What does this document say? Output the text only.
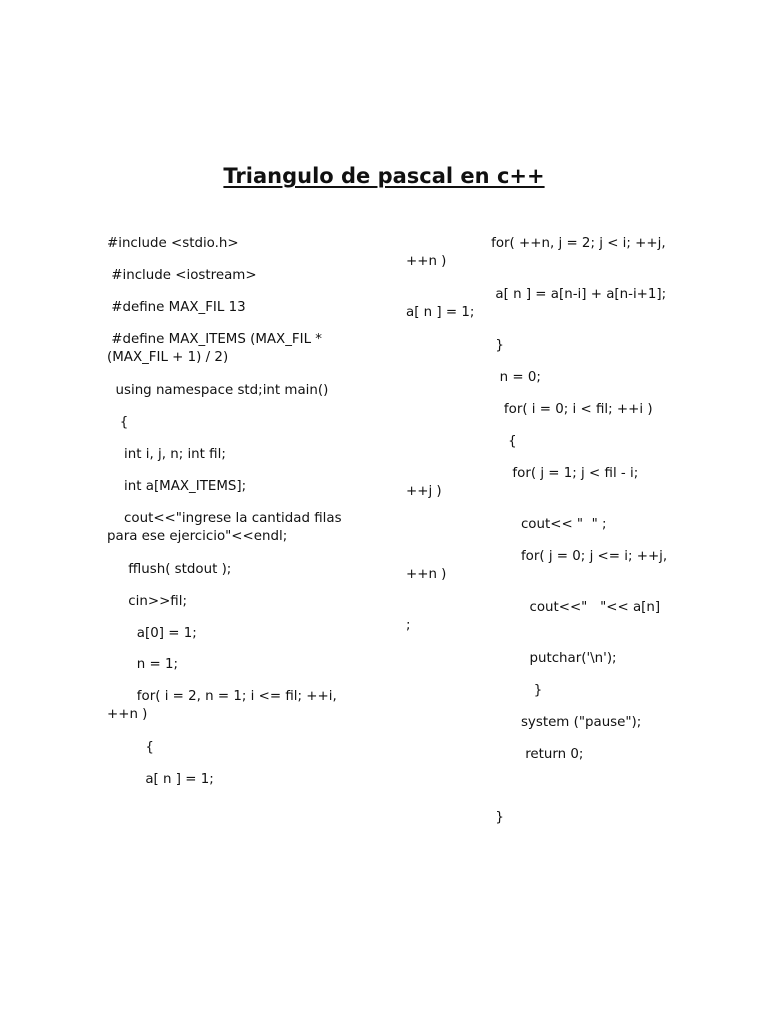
Triangulo de pascal en c++

#include <stdio.h>

#include <iostream>

#define MAX_FIL 13

#define MAX_ITEMS (MAX_FIL * (MAX_FIL + 1) / 2)

using namespace std;int main()

{

int i, j, n; int fil;

int a[MAX_ITEMS];

cout<<"ingrese la cantidad filas para ese ejercicio"<<endl;

fflush( stdout );

cin>>fil;

a[0] = 1;

n = 1;

for( i = 2, n = 1; i <= fil; ++i, ++n )

{

a[ n ] = 1;

for( ++n, j = 2; j < i; ++j, ++n )

a[ n ] = a[n-i] + a[n-i+1]; a[ n ] = 1;

}

n = 0;

for( i = 0; i < fil; ++i )

{

for( j = 1; j < fil - i; ++j )

cout<< "  " ;

for( j = 0; j <= i; ++j, ++n )

cout<<"   "<< a[n] ;

putchar('\n');

}

system ("pause");

return 0;

}
